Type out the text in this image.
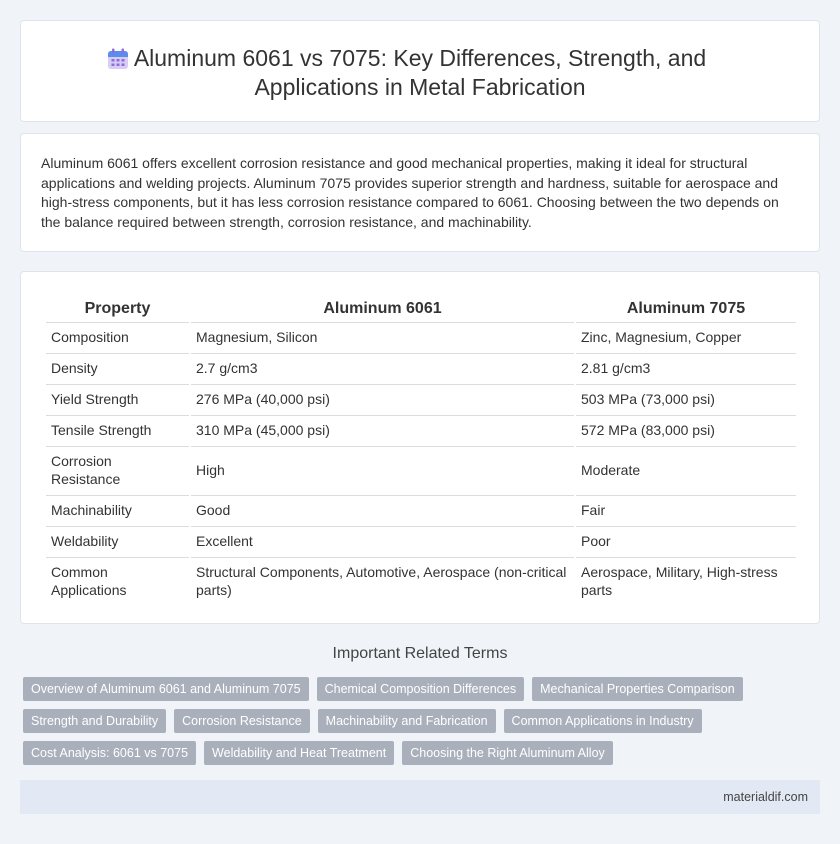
Aluminum 6061 vs 7075: Key Differences, Strength, and Applications in Metal Fabrication

Aluminum 6061 offers excellent corrosion resistance and good mechanical properties, making it ideal for structural applications and welding projects. Aluminum 7075 provides superior strength and hardness, suitable for aerospace and high-stress components, but it has less corrosion resistance compared to 6061. Choosing between the two depends on the balance required between strength, corrosion resistance, and machinability.

Property	Aluminum 6061	Aluminum 7075
Composition	Magnesium, Silicon	Zinc, Magnesium, Copper
Density	2.7 g/cm3	2.81 g/cm3
Yield Strength	276 MPa (40,000 psi)	503 MPa (73,000 psi)
Tensile Strength	310 MPa (45,000 psi)	572 MPa (83,000 psi)
Corrosion Resistance	High	Moderate
Machinability	Good	Fair
Weldability	Excellent	Poor
Common Applications	Structural Components, Automotive, Aerospace (non-critical parts)	Aerospace, Military, High-stress parts
Important Related Terms
Overview of Aluminum 6061 and Aluminum 7075	Chemical Composition Differences	Mechanical Properties Comparison
Strength and Durability	Corrosion Resistance	Machinability and Fabrication	Common Applications in Industry
Cost Analysis: 6061 vs 7075	Weldability and Heat Treatment	Choosing the Right Aluminum Alloy
materialdif.com
